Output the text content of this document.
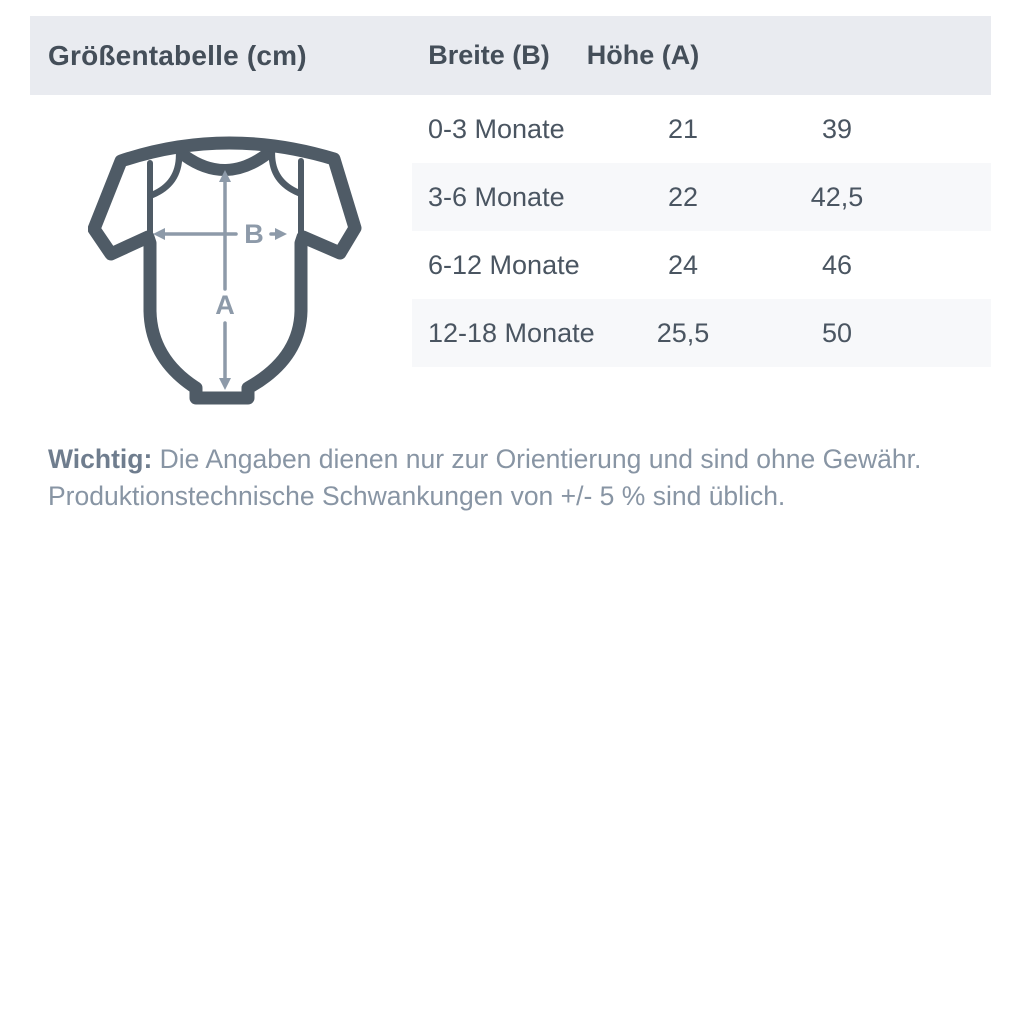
Größentabelle (cm)	Breite (B)	Höhe (A)
0-3 Monate	21	39
3-6 Monate	22	42,5
6-12 Monate	24	46
12-18 Monate	25,5	50
A
B

Wichtig: Die Angaben dienen nur zur Orientierung und sind ohne Gewähr.
Produktionstechnische Schwankungen von +/- 5 % sind üblich.
